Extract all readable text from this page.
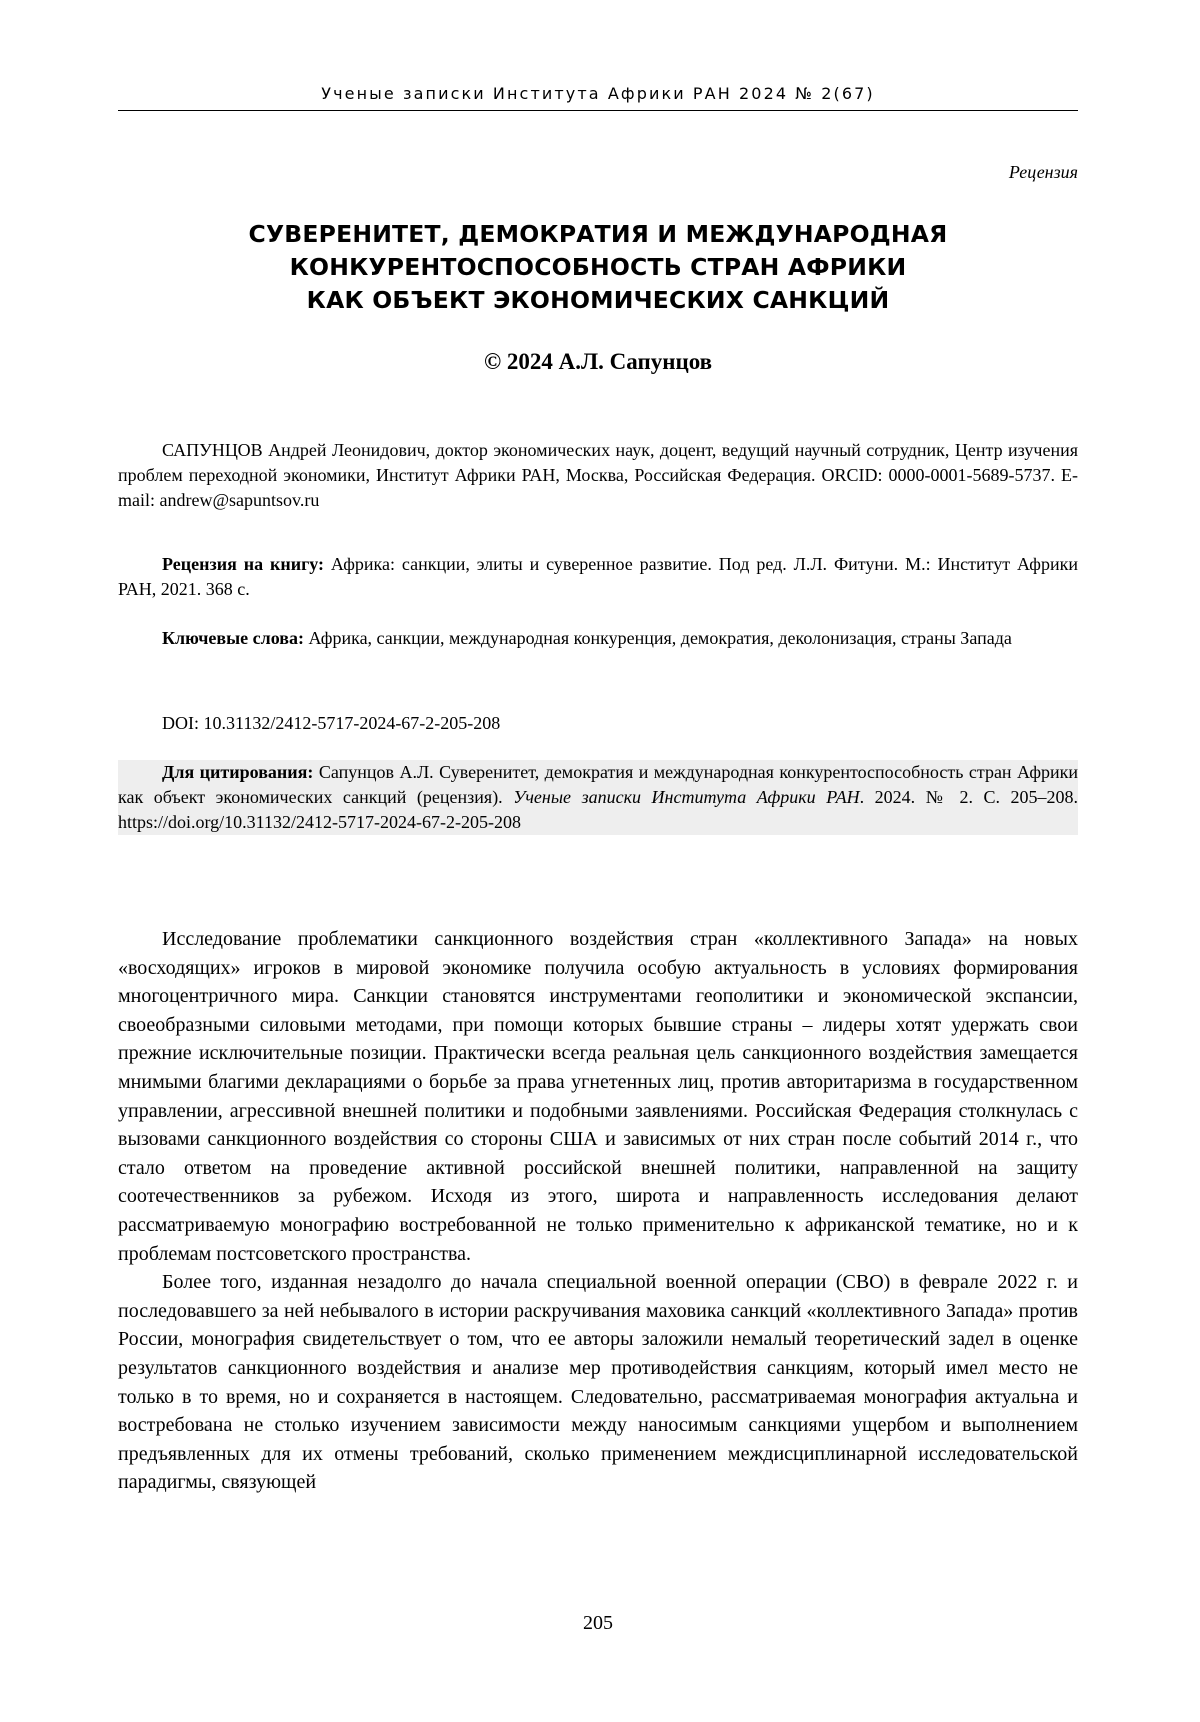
Ученые записки Института Африки РАН 2024 № 2(67)
Рецензия
СУВЕРЕНИТЕТ, ДЕМОКРАТИЯ И МЕЖДУНАРОДНАЯ
КОНКУРЕНТОСПОСОБНОСТЬ СТРАН АФРИКИ
КАК ОБЪЕКТ ЭКОНОМИЧЕСКИХ САНКЦИЙ
© 2024 А.Л. Сапунцов
САПУНЦОВ Андрей Леонидович, доктор экономических наук, доцент, ведущий научный сотрудник, Центр изучения проблем переходной экономики, Институт Африки РАН, Москва, Российская Федерация. ORCID: 0000-0001-5689-5737. E-mail: andrew@sapuntsov.ru
Рецензия на книгу: Африка: санкции, элиты и суверенное развитие. Под ред. Л.Л. Фитуни. М.: Институт Африки РАН, 2021. 368 с.
Ключевые слова: Африка, санкции, международная конкуренция, демократия, деколонизация, страны Запада
DOI: 10.31132/2412-5717-2024-67-2-205-208
Для цитирования: Сапунцов А.Л. Суверенитет, демократия и международная конкурентоспособность стран Африки как объект экономических санкций (рецензия). Ученые записки Института Африки РАН. 2024. № 2. С. 205–208. https://doi.org/10.31132/2412-5717-2024-67-2-205-208

Исследование проблематики санкционного воздействия стран «коллективного Запада» на новых «восходящих» игроков в мировой экономике получила особую актуальность в условиях формирования многоцентричного мира. Санкции становятся инструментами геополитики и экономической экспансии, своеобразными силовыми методами, при помощи которых бывшие страны – лидеры хотят удержать свои прежние исключительные позиции. Практически всегда реальная цель санкционного воздействия замещается мнимыми благими декларациями о борьбе за права угнетенных лиц, против авторитаризма в государственном управлении, агрессивной внешней политики и подобными заявлениями. Российская Федерация столкнулась с вызовами санкционного воздействия со стороны США и зависимых от них стран после событий 2014 г., что стало ответом на проведение активной российской внешней политики, направленной на защиту соотечественников за рубежом. Исходя из этого, широта и направленность исследования делают рассматриваемую монографию востребованной не только применительно к африканской тематике, но и к проблемам постсоветского пространства.

Более того, изданная незадолго до начала специальной военной операции (СВО) в феврале 2022 г. и последовавшего за ней небывалого в истории раскручивания маховика санкций «коллективного Запада» против России, монография свидетельствует о том, что ее авторы заложили немалый теоретический задел в оценке результатов санкционного воздействия и анализе мер противодействия санкциям, который имел место не только в то время, но и сохраняется в настоящем. Следовательно, рассматриваемая монография актуальна и востребована не столько изучением зависимости между наносимым санкциями ущербом и выполнением предъявленных для их отмены требований, сколько применением междисциплинарной исследовательской парадигмы, связующей

205
